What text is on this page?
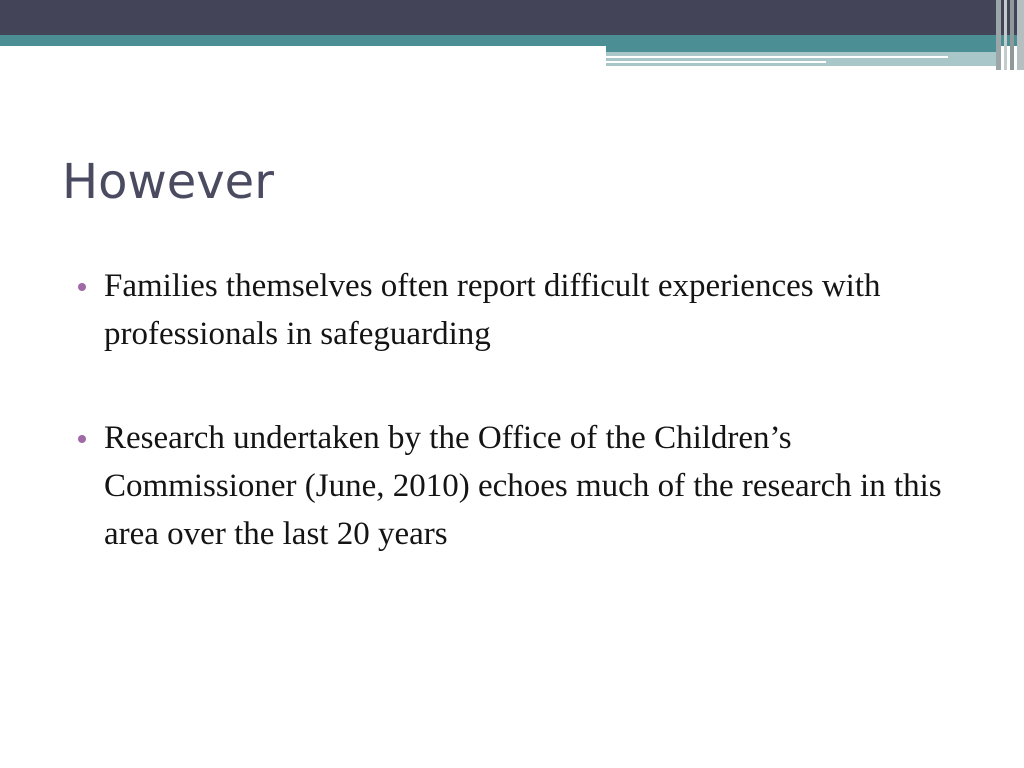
However
Families themselves often report difficult experiences with professionals in safeguarding
Research undertaken by the Office of the Children’s Commissioner (June, 2010) echoes much of the research in this area over the last 20 years
